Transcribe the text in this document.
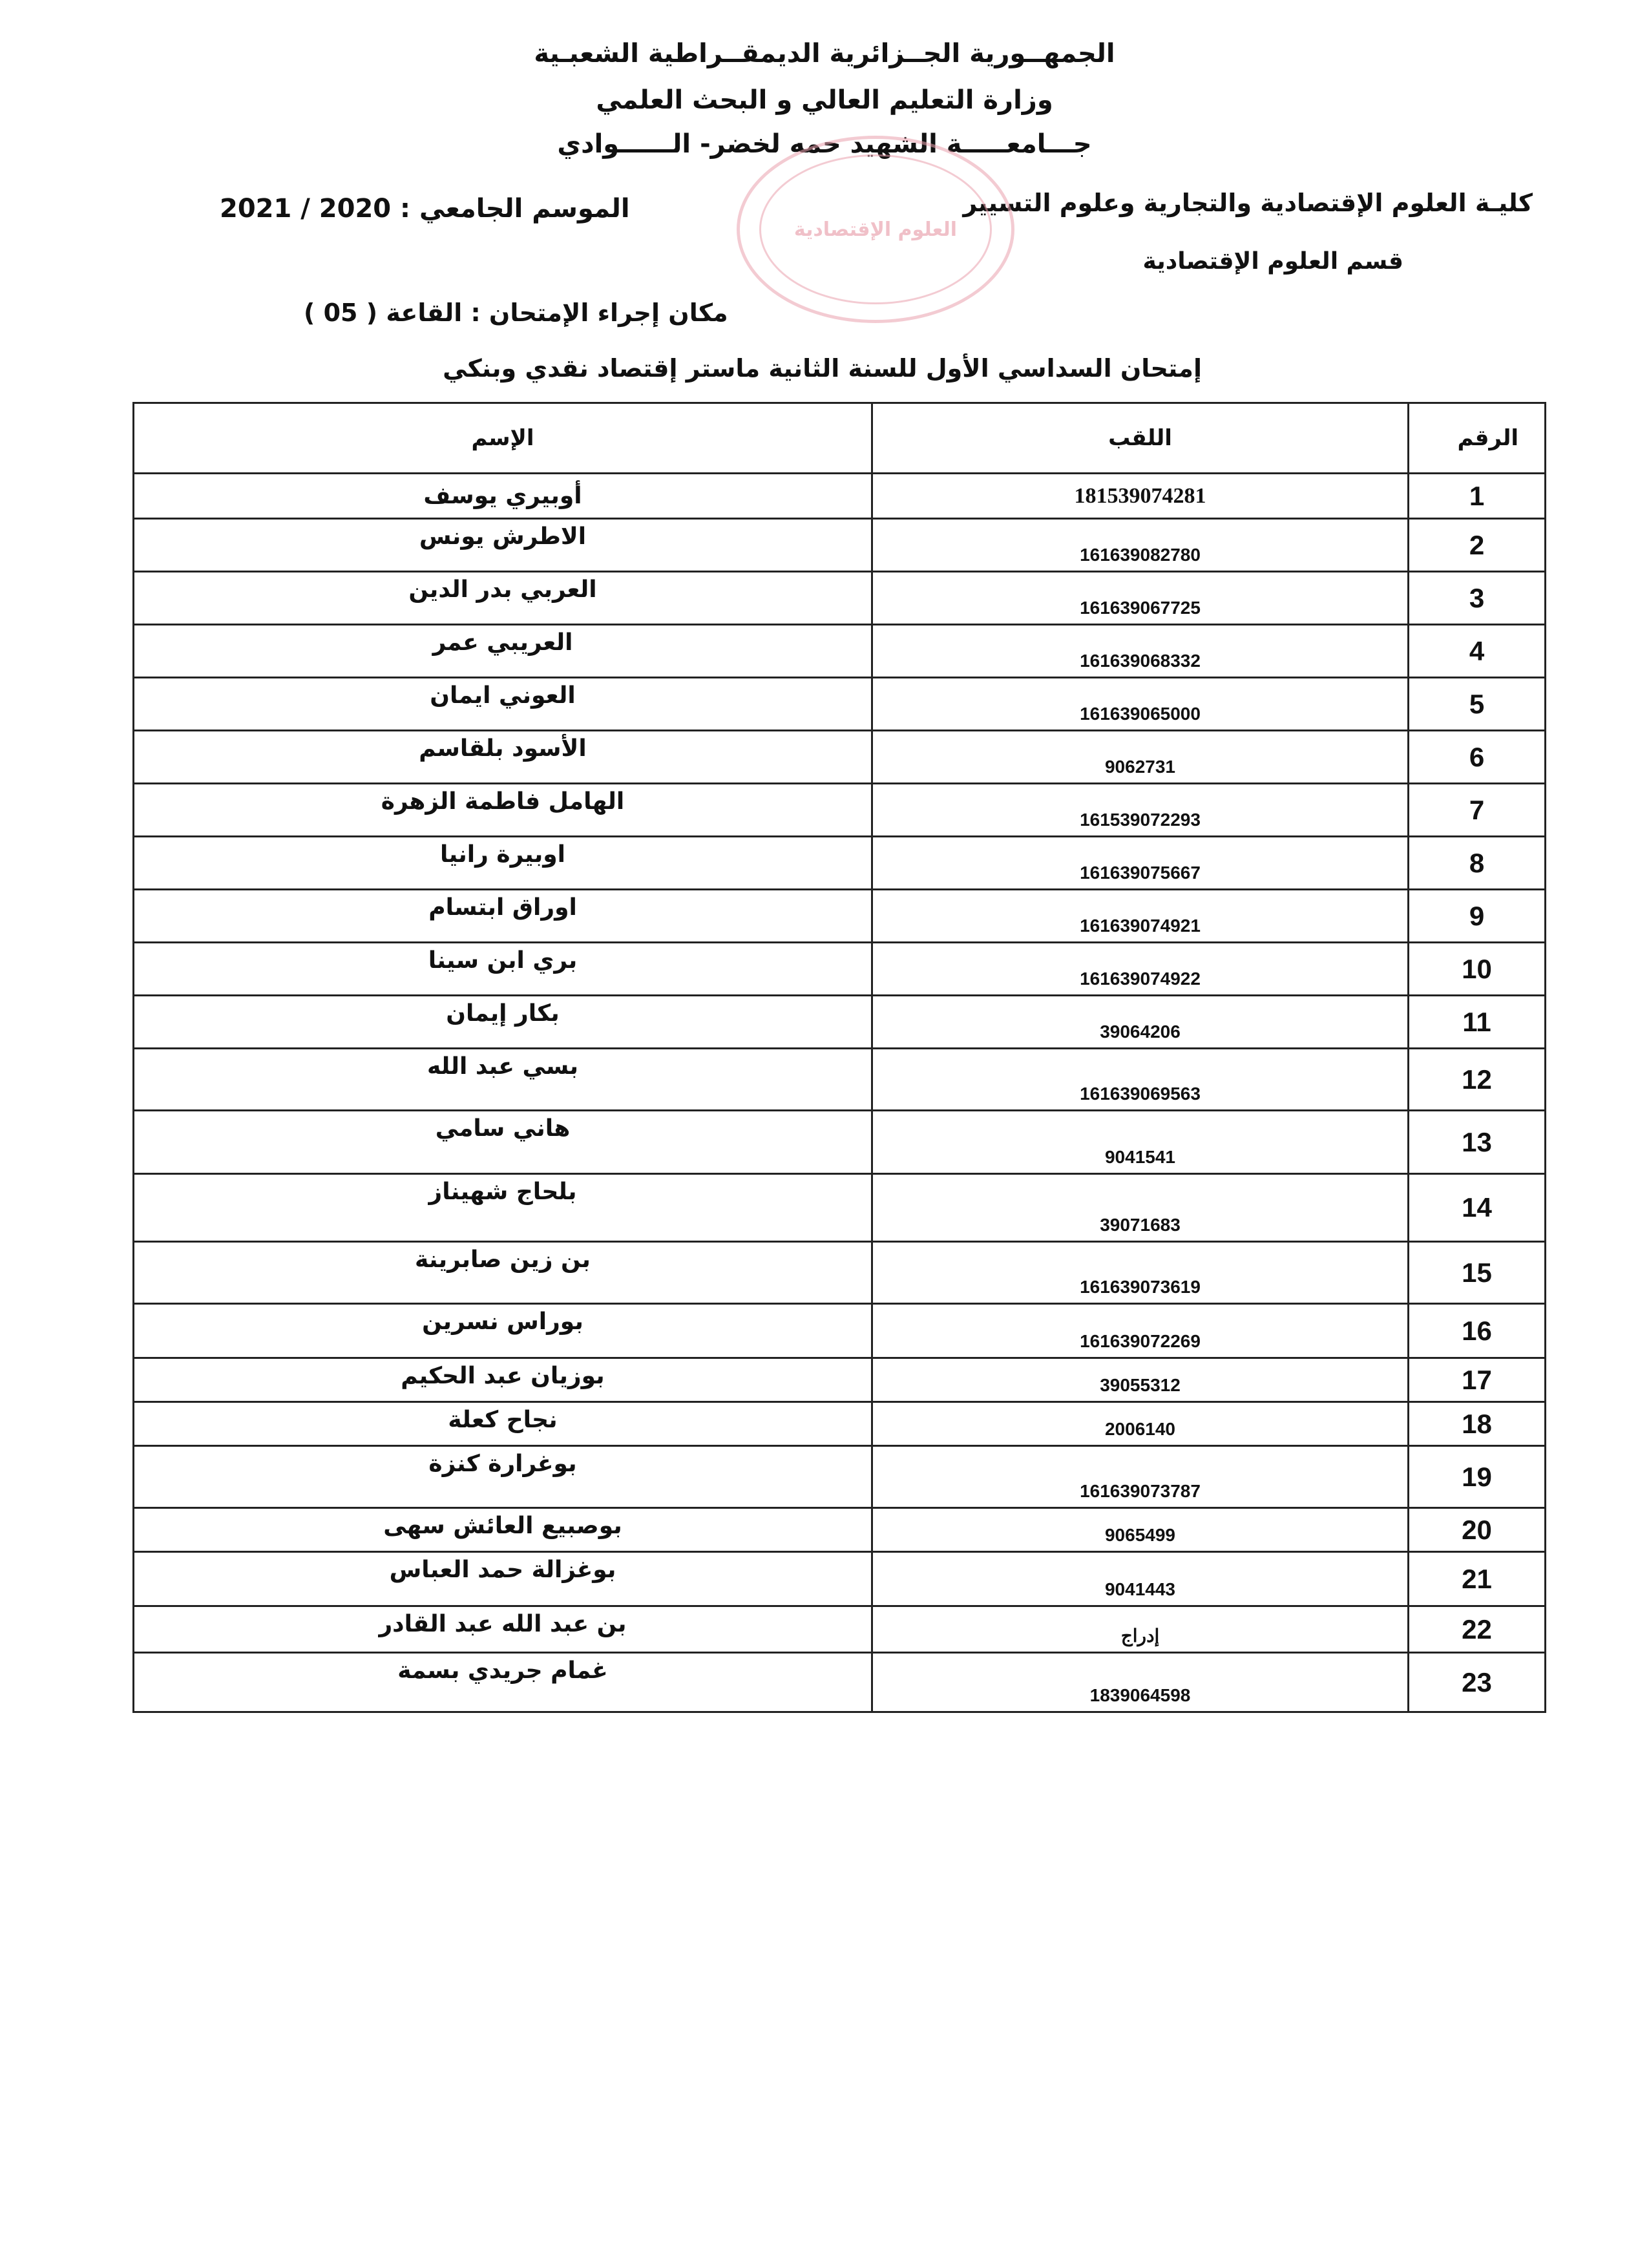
الجمهــورية الجــزائرية الديمقــراطية الشعبـية
وزارة التعليم العالي و البحث العلمي
جـــامعـــــة الشهيد حمه لخضر- الــــــوادي
كليـة العلوم الإقتصادية والتجارية وعلوم التسيير
الموسم الجامعي : 2020 / 2021
قسم العلوم الإقتصادية
مكان إجراء الإمتحان : القاعة ( 05 )
إمتحان السداسي الأول للسنة الثانية ماستر إقتصاد نقدي وبنكي
العلوم الإقتصادية
الرقم	اللقب	الإسم
1	181539074281	أوبيري يوسف
2	161639082780	الاطرش يونس
3	161639067725	العربي بدر الدين
4	161639068332	العريبي عمر
5	161639065000	العوني ايمان
6	9062731	الأسود بلقاسم
7	161539072293	الهامل فاطمة الزهرة
8	161639075667	اوبيرة رانيا
9	161639074921	اوراق ابتسام
10	161639074922	بري ابن سينا
11	39064206	بكار إيمان
12	161639069563	بسي عبد الله
13	9041541	هاني سامي
14	39071683	بلحاج شهيناز
15	161639073619	بن زين صابرينة
16	161639072269	بوراس نسرين
17	39055312	بوزيان عبد الحكيم
18	2006140	نجاح كعلة
19	161639073787	بوغرارة كنزة
20	9065499	بوصبيع العائش سهى
21	9041443	بوغزالة حمد العباس
22	إدراج	بن عبد الله عبد القادر
23	1839064598	غمام جريدي بسمة
